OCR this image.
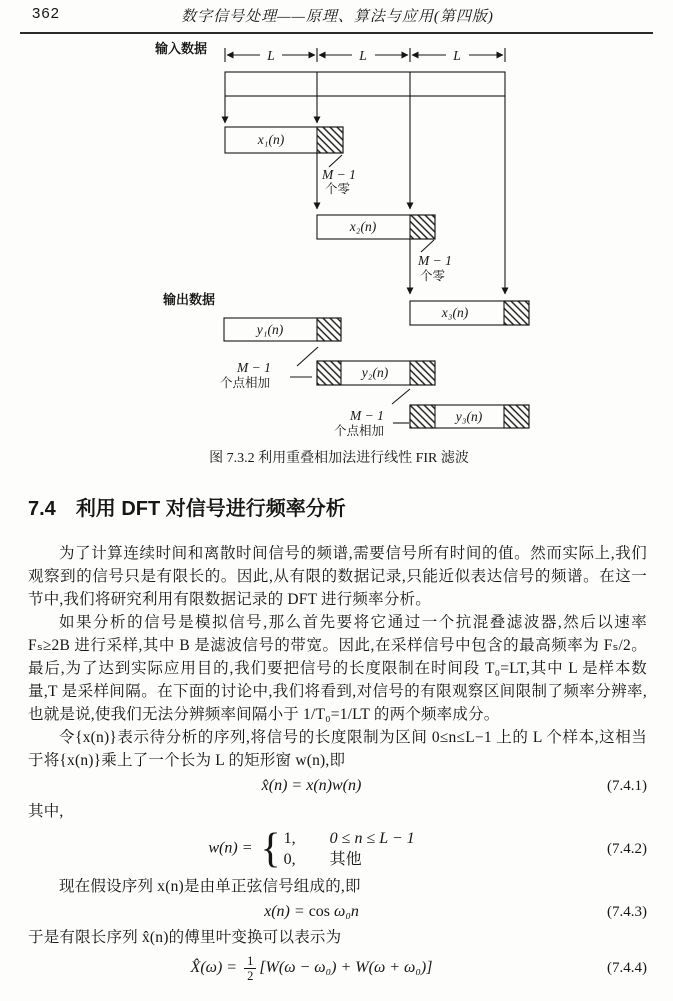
362	数字信号处理——原理、算法与应用(第四版)
输入数据	L	L	L
x₁(n)
x₂(n)
x₃(n)
y₁(n)
y₂(n)
y₃(n)
M − 1
个零
M − 1
个零
输出数据
M − 1
个点相加
M − 1
个点相加
图 7.3.2 利用重叠相加法进行线性 FIR 滤波
7.4 利用 DFT 对信号进行频率分析

为了计算连续时间和离散时间信号的频谱,需要信号所有时间的值。然而实际上,我们观察到的信号只是有限长的。因此,从有限的数据记录,只能近似表达信号的频谱。在这一节中,我们将研究利用有限数据记录的 DFT 进行频率分析。

如果分析的信号是模拟信号,那么首先要将它通过一个抗混叠滤波器,然后以速率 Fₛ≥2B 进行采样,其中 B 是滤波信号的带宽。因此,在采样信号中包含的最高频率为 Fₛ/2。最后,为了达到实际应用目的,我们要把信号的长度限制在时间段 T₀=LT,其中 L 是样本数量,T 是采样间隔。在下面的讨论中,我们将看到,对信号的有限观察区间限制了频率分辨率,也就是说,使我们无法分辨频率间隔小于 1/T₀=1/LT 的两个频率成分。

令{x(n)}表示待分析的序列,将信号的长度限制为区间 0≤n≤L−1 上的 L 个样本,这相当于将{x(n)}乘上了一个长为 L 的矩形窗 w(n),即

x̂(n) = x(n)w(n)	(7.4.1)

其中,

w(n) = { 1,	0 ≤ n ≤ L − 1
0,	其他
(7.4.2)

现在假设序列 x(n)是由单正弦信号组成的,即

x(n) = cos ω₀n	(7.4.3)

于是有限长序列 x̂(n)的傅里叶变换可以表示为

X̂(ω) = $\frac{1}{2} [W(\omega - \omega_0) + W(\omega + \omega_0)]$	(7.4.4)
